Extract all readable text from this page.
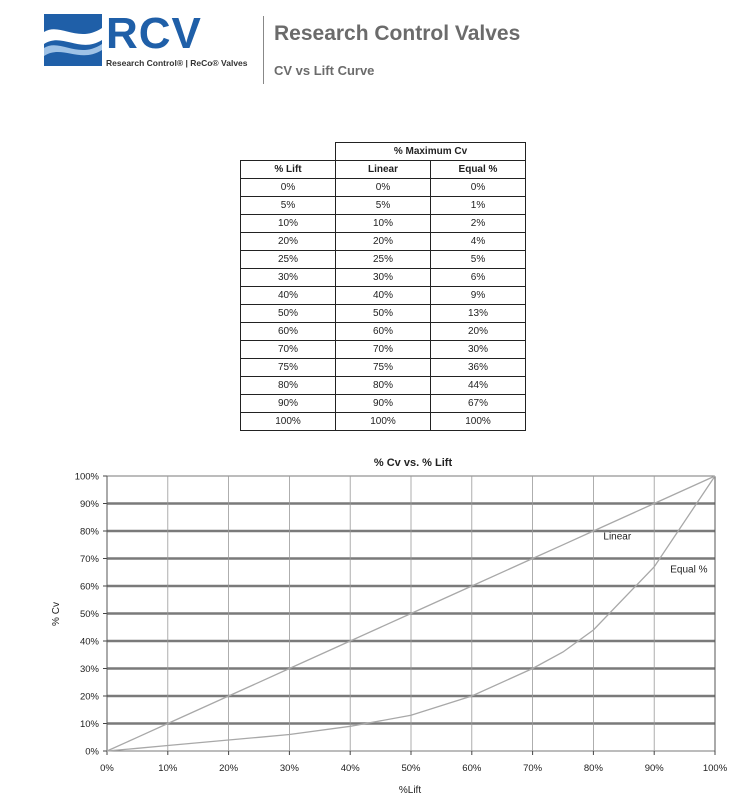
RCV
Research Control® | ReCo® Valves
Research Control Valves
CV vs Lift Curve
	% Maximum Cv	
% Lift	Linear	Equal %
0%	0%	0%
5%	5%	1%
10%	10%	2%
20%	20%	4%
25%	25%	5%
30%	30%	6%
40%	40%	9%
50%	50%	13%
60%	60%	20%
70%	70%	30%
75%	75%	36%
80%	80%	44%
90%	90%	67%
100%	100%	100%
% Cv vs. % Lift
0%
10%
20%
30%
40%
50%
60%
70%
80%
90%
100%
0%	10%	20%	30%	40%	50%	60%	70%	80%	90%	100%
Linear
Equal %
%Lift
% Cv
